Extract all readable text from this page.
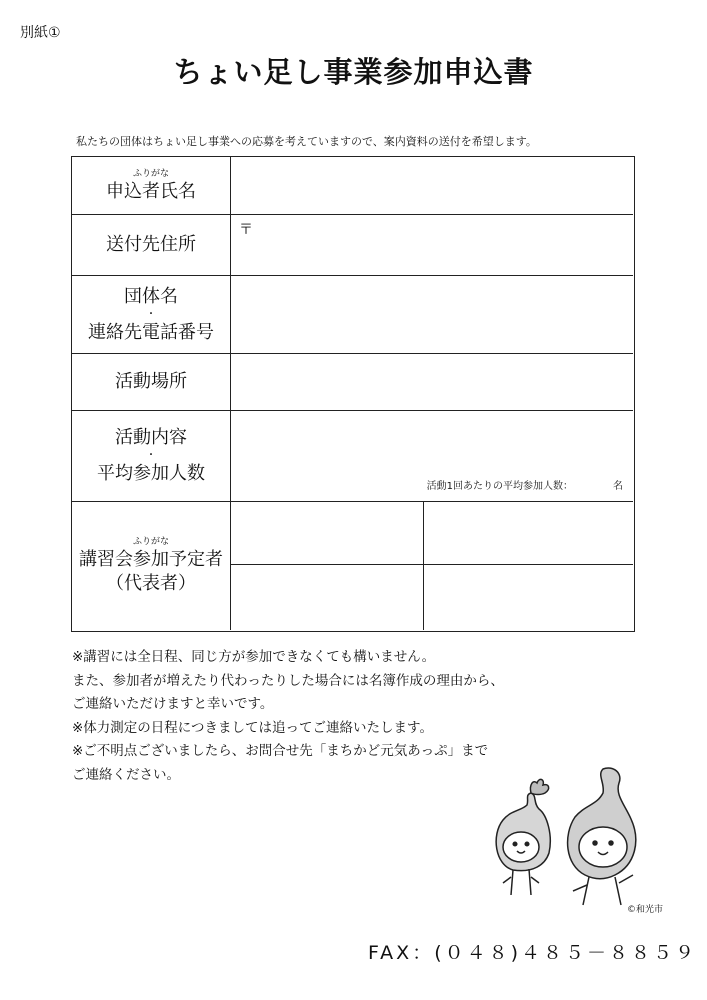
別紙①
ちょい足し事業参加申込書
私たちの団体はちょい足し事業への応募を考えていますので、案内資料の送付を希望します。
ふりがな
申込者氏名
送付先住所
〒
団体名
・
連絡先電話番号
活動場所
活動内容
・
平均参加人数
活動1回あたりの平均参加人数：	名
ふりがな
講習会参加予定者
（代表者）
※講習には全日程、同じ方が参加できなくても構いません。
また、参加者が増えたり代わったりした場合には名簿作成の理由から、
ご連絡いただけますと幸いです。
※体力測定の日程につきましては追ってご連絡いたします。
※ご不明点ございましたら、お問合せ先「まちかど元気あっぷ」まで
ご連絡ください。
©和光市
FAX：(０４８)４８５－８８５９
